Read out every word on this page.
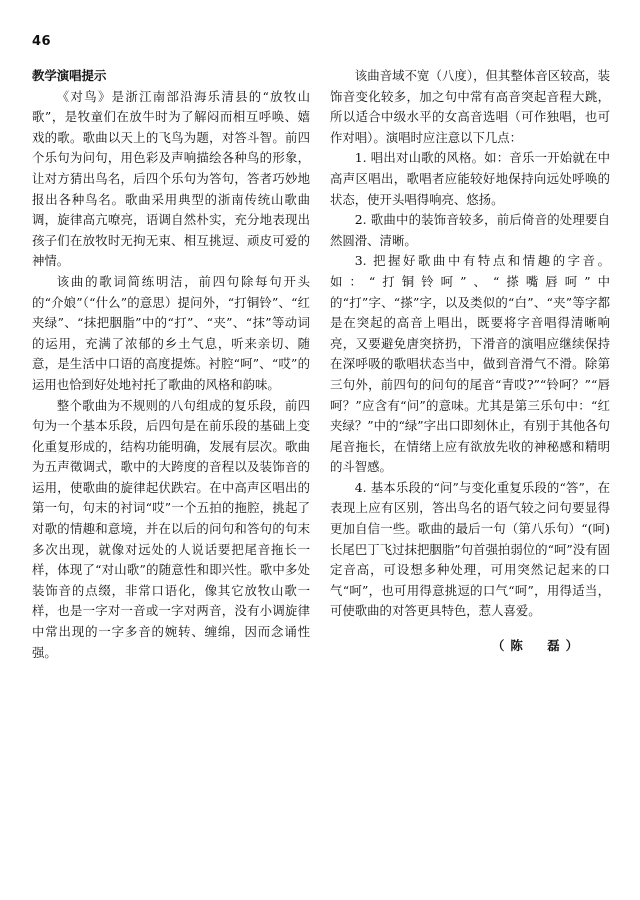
46

教学演唱提示

《对鸟》是浙江南部沿海乐清县的“放牧山歌”，是牧童们在放牛时为了解闷而相互呼唤、嬉戏的歌。歌曲以天上的飞鸟为题，对答斗智。前四个乐句为问句，用色彩及声响描绘各种鸟的形象，让对方猜出鸟名，后四个乐句为答句，答者巧妙地报出各种鸟名。歌曲采用典型的浙南传统山歌曲调，旋律高亢嘹亮，语调自然朴实，充分地表现出孩子们在放牧时无拘无束、相互挑逗、顽皮可爱的神情。

该曲的歌词简练明洁，前四句除每句开头的“介娘”（“什么”的意思）提问外，“打铜铃”、“红夹绿”、“抹把胭脂”中的“打”、“夹”、“抹”等动词的运用，充满了浓郁的乡土气息，听来亲切、随意，是生活中口语的高度提炼。衬腔“呵”、“哎”的运用也恰到好处地衬托了歌曲的风格和韵味。

整个歌曲为不规则的八句组成的复乐段，前四句为一个基本乐段，后四句是在前乐段的基础上变化重复形成的，结构功能明确，发展有层次。歌曲为五声徵调式，歌中的大跨度的音程以及装饰音的运用，使歌曲的旋律起伏跌宕。在中高声区唱出的第一句，句末的衬词“哎”一个五拍的拖腔，挑起了对歌的情趣和意境，并在以后的问句和答句的句末多次出现，就像对远处的人说话要把尾音拖长一样，体现了“对山歌”的随意性和即兴性。歌中多处装饰音的点缀，非常口语化，像其它放牧山歌一样，也是一字对一音或一字对两音，没有小调旋律中常出现的一字多音的婉转、缠绵，因而念诵性强。

该曲音域不宽（八度），但其整体音区较高，装饰音变化较多，加之句中常有高音突起音程大跳，所以适合中级水平的女高音选唱（可作独唱，也可作对唱）。演唱时应注意以下几点：

1. 唱出对山歌的风格。如：音乐一开始就在中高声区唱出，歌唱者应能较好地保持向远处呼唤的状态，使开头唱得响亮、悠扬。

2. 歌曲中的装饰音较多，前后倚音的处理要自然圆滑、清晰。

3. 把握好歌曲中有特点和情趣的字音。如：“打铜铃呵”、“搽嘴唇呵”中的“打”字、“搽”字，以及类似的“白”、“夹”等字都是在突起的高音上唱出，既要将字音唱得清晰响亮，又要避免唐突挤扔，下滑音的演唱应继续保持在深呼吸的歌唱状态当中，做到音滑气不滑。除第三句外，前四句的问句的尾音“青哎?”“铃呵？”“唇呵？”应含有“问”的意味。尤其是第三乐句中：“红夹绿？”中的“绿”字出口即刻休止，有别于其他各句尾音拖长，在情绪上应有欲放先收的神秘感和精明的斗智感。

4. 基本乐段的“问”与变化重复乐段的“答”，在表现上应有区别，答出鸟名的语气较之问句要显得更加自信一些。歌曲的最后一句（第八乐句）“(呵)长尾巴丁飞过抹把胭脂”句首强拍弱位的“呵”没有固定音高，可设想多种处理，可用突然记起来的口气“呵”，也可用得意挑逗的口气“呵”，用得适当，可使歌曲的对答更具特色，惹人喜爱。

（陈　磊）
